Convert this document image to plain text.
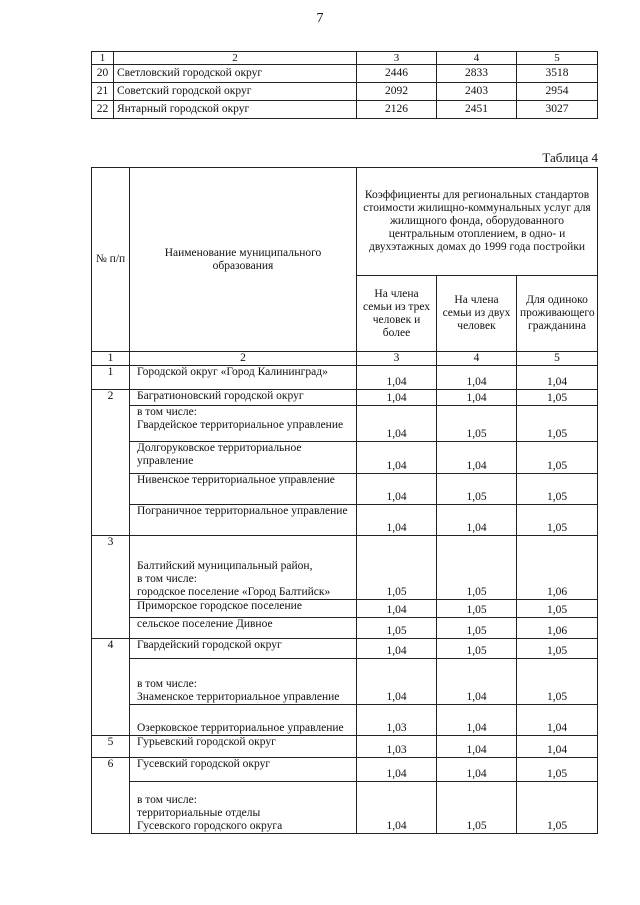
7
1	2	3	4	5
20	Светловский городской округ	2446	2833	3518
21	Советский городской округ	2092	2403	2954
22	Янтарный городской округ	2126	2451	3027
Таблица 4
№ п/п	Наименование муниципального образования	Коэффициенты для региональных стандартов стоимости жилищно-коммунальных услуг для жилищного фонда, оборудованного центральным отоплением, в одно- и двухэтажных домах до 1999 года постройки		
		На члена семьи из трех человек и более	На члена семьи из двух человек	Для одиноко проживающего гражданина
1	2	3	4	5
1	Городской округ «Город Калининград»	1,04	1,04	1,04
2	Багратионовский городской округ	1,04	1,04	1,05

	в том числе:
Гвардейское территориальное управление	1,04	1,05	1,05

	Долгоруковское территориальное управление	1,04	1,04	1,05

	Нивенское территориальное управление	1,04	1,05	1,05

	Пограничное территориальное управление	1,04	1,04	1,05
3	Балтийский муниципальный район,
в том числе:
городское поселение «Город Балтийск»	1,05	1,05	1,06

	Приморское городское поселение	1,04	1,05	1,05

	сельское поселение Дивное	1,05	1,05	1,06
4	Гвардейский городской округ	1,04	1,05	1,05

	в том числе:
Знаменское территориальное управление	1,04	1,04	1,05

	Озерковское территориальное управление	1,03	1,04	1,04
5	Гурьевский городской округ	1,03	1,04	1,04
6	Гусевский городской округ	1,04	1,04	1,05

	в том числе:
территориальные отделы
Гусевского городского округа	1,04	1,05	1,05
